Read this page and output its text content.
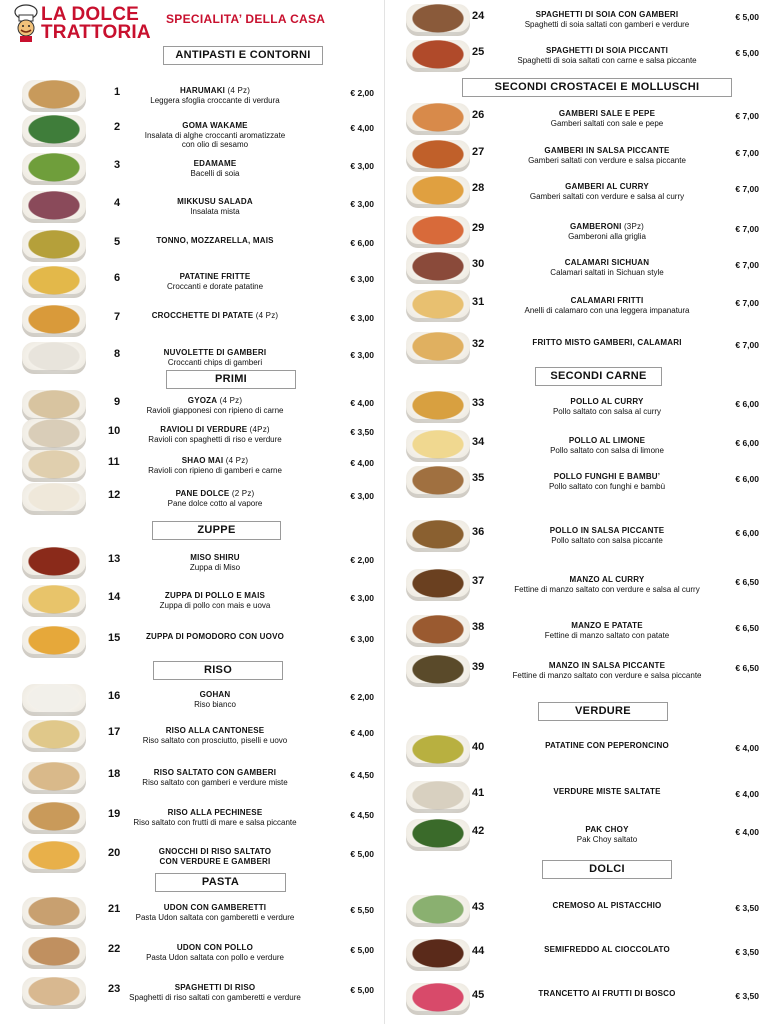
LA DOLCE
TRATTORIA
SPECIALITA’ DELLA CASA
ANTIPASTI E CONTORNI
1	HARUMAKI (4 Pz)
Leggera sfoglia croccante di verdura
€ 2,00
2	GOMA WAKAME
Insalata di alghe croccanti aromatizzate
con olio di sesamo
€ 4,00
3	EDAMAME
Bacelli di soia
€ 3,00
4	MIKKUSU SALADA
Insalata mista
€ 3,00
5	TONNO, MOZZARELLA, MAIS	€ 6,00
6	PATATINE FRITTE
Croccanti e dorate patatine
€ 3,00
7	CROCCHETTE DI PATATE (4 Pz)	€ 3,00
8	NUVOLETTE DI GAMBERI
Croccanti chips di gamberi
€ 3,00
PRIMI
9	GYOZA (4 Pz)
Ravioli giapponesi con ripieno di carne
€ 4,00
10	RAVIOLI DI VERDURE (4Pz)
Ravioli con spaghetti di riso e verdure
€ 3,50
11	SHAO MAI (4 Pz)
Ravioli con ripieno di gamberi e carne
€ 4,00
12	PANE DOLCE (2 Pz)
Pane dolce cotto al vapore
€ 3,00
ZUPPE
13	MISO SHIRU
Zuppa di Miso
€ 2,00
14	ZUPPA DI POLLO E MAIS
Zuppa di pollo con mais e uova
€ 3,00
15	ZUPPA DI POMODORO CON UOVO	€ 3,00
RISO
16	GOHAN
Riso bianco
€ 2,00
17	RISO ALLA CANTONESE
Riso saltato con prosciutto, piselli e uovo
€ 4,00
18	RISO SALTATO CON GAMBERI
Riso saltato con gamberi e verdure miste
€ 4,50
19	RISO ALLA PECHINESE
Riso saltato con frutti di mare e salsa piccante
€ 4,50
20	GNOCCHI DI RISO SALTATO
CON VERDURE E GAMBERI
€ 5,00
PASTA
21	UDON CON GAMBERETTI
Pasta Udon saltata con gamberetti e verdure
€ 5,50
22	UDON CON POLLO
Pasta Udon saltata con pollo e verdure
€ 5,00
23	SPAGHETTI DI RISO
Spaghetti di riso saltati con gamberetti e verdure
€ 5,00
24	SPAGHETTI DI SOIA CON GAMBERI
Spaghetti di soia saltati con gamberi e verdure
€ 5,00
25	SPAGHETTI DI SOIA PICCANTI
Spaghetti di soia saltati con carne e salsa piccante
€ 5,00
SECONDI CROSTACEI E MOLLUSCHI
26	GAMBERI SALE E PEPE
Gamberi saltati con sale e pepe
€ 7,00
27	GAMBERI IN SALSA PICCANTE
Gamberi saltati con verdure e salsa piccante
€ 7,00
28	GAMBERI AL CURRY
Gamberi saltati con verdure e salsa al curry
€ 7,00
29	GAMBERONI (3Pz)
Gamberoni alla griglia
€ 7,00
30	CALAMARI SICHUAN
Calamari saltati in Sichuan style
€ 7,00
31	CALAMARI FRITTI
Anelli di calamaro con una leggera impanatura
€ 7,00
32	FRITTO MISTO GAMBERI, CALAMARI	€ 7,00
SECONDI CARNE
33	POLLO AL CURRY
Pollo saltato con salsa al curry
€ 6,00
34	POLLO AL LIMONE
Pollo saltato con salsa di limone
€ 6,00
35	POLLO FUNGHI E BAMBU’
Pollo saltato con funghi e bambù
€ 6,00
36	POLLO IN SALSA PICCANTE
Pollo saltato con salsa piccante
€ 6,00
37	MANZO AL CURRY
Fettine di manzo saltato con verdure e salsa al curry
€ 6,50
38	MANZO E PATATE
Fettine di manzo saltato con patate
€ 6,50
39	MANZO IN SALSA PICCANTE
Fettine di manzo saltato con verdure e salsa piccante
€ 6,50
VERDURE
40	PATATINE CON PEPERONCINO	€ 4,00
41	VERDURE MISTE SALTATE	€ 4,00
42	PAK CHOY
Pak Choy saltato
€ 4,00
DOLCI
43	CREMOSO AL PISTACCHIO	€ 3,50
44	SEMIFREDDO AL CIOCCOLATO	€ 3,50
45	TRANCETTO AI FRUTTI DI BOSCO	€ 3,50
